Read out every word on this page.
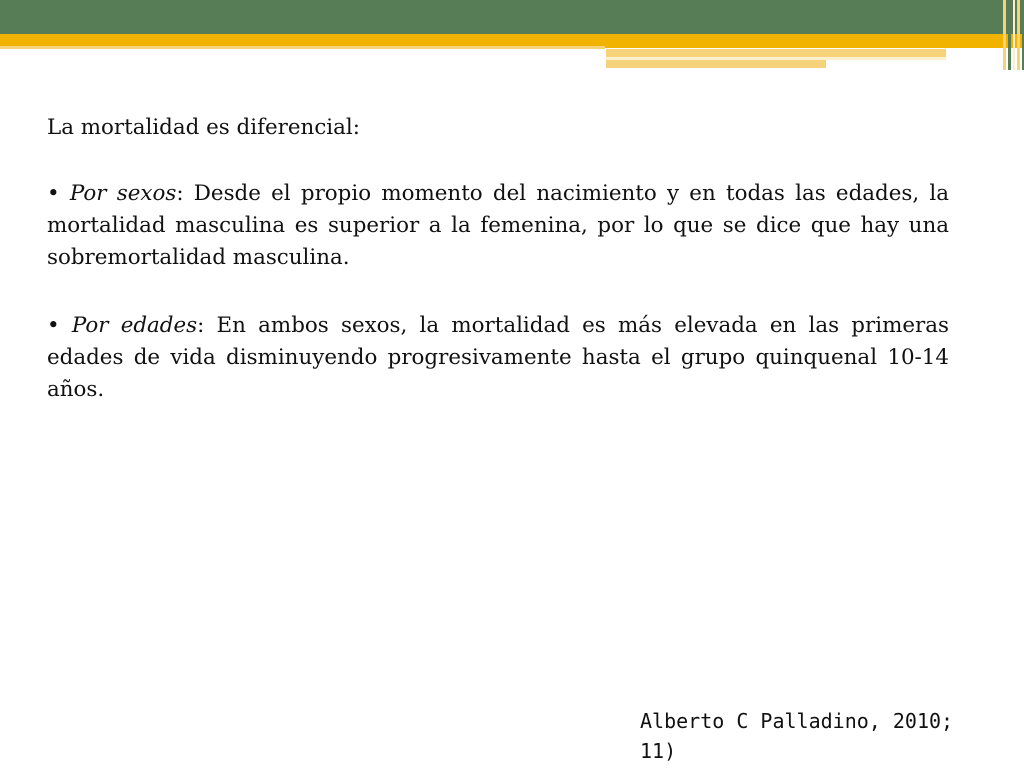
La mortalidad es diferencial:

• Por sexos: Desde el propio momento del nacimiento y en todas las edades, la mortalidad masculina es superior a la femenina, por lo que se dice que hay una sobremortalidad masculina.

• Por edades: En ambos sexos, la mortalidad es más elevada en las primeras edades de vida disminuyendo progresivamente hasta el grupo quinquenal 10-14 años.

Alberto C Palladino, 2010; 11)
